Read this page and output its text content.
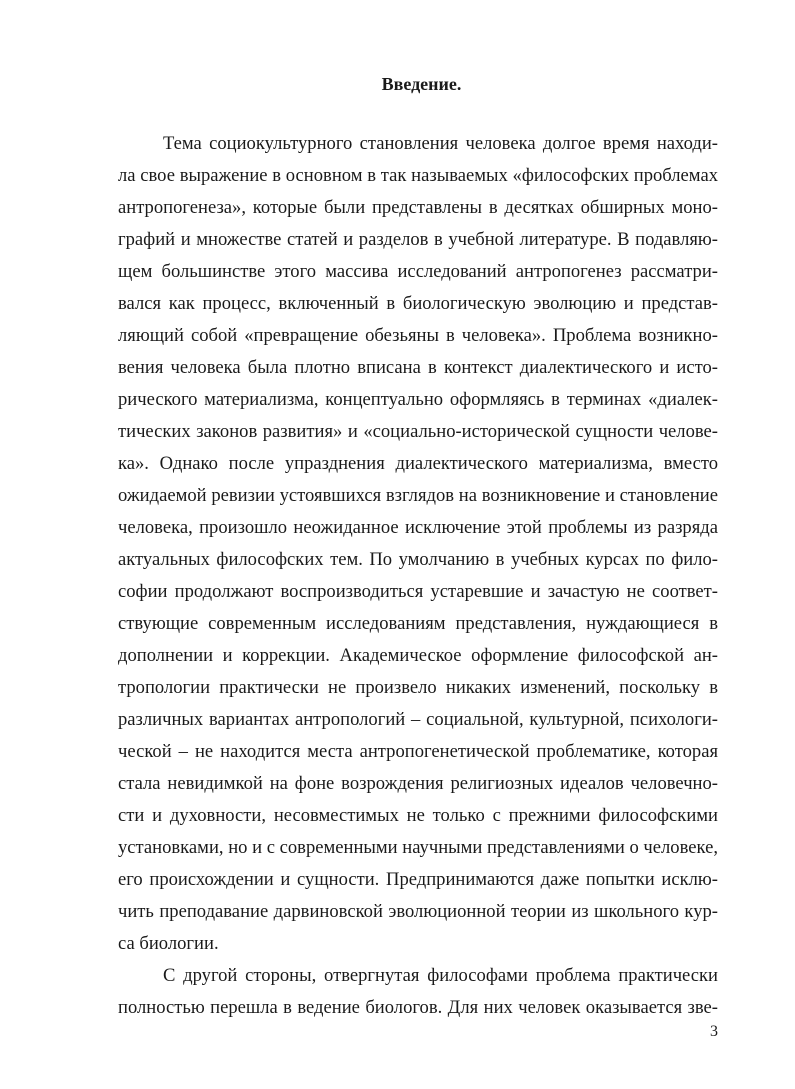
Введение.
Тема социокультурного становления человека долгое время находи-
ла свое выражение в основном в так называемых «философских проблемах
антропогенеза», которые были представлены в десятках обширных моно-
графий и множестве статей и разделов в учебной литературе. В подавляю-
щем большинстве этого массива исследований антропогенез рассматри-
вался как процесс, включенный в биологическую эволюцию и представ-
ляющий собой «превращение обезьяны в человека». Проблема возникно-
вения человека была плотно вписана в контекст диалектического и исто-
рического материализма, концептуально оформляясь в терминах «диалек-
тических законов развития» и «социально-исторической сущности челове-
ка». Однако после упразднения диалектического материализма, вместо
ожидаемой ревизии устоявшихся взглядов на возникновение и становление
человека, произошло неожиданное исключение этой проблемы из разряда
актуальных философских тем. По умолчанию в учебных курсах по фило-
софии продолжают воспроизводиться устаревшие и зачастую не соответ-
ствующие современным исследованиям представления, нуждающиеся в
дополнении и коррекции. Академическое оформление философской ан-
тропологии практически не произвело никаких изменений, поскольку в
различных вариантах антропологий – социальной, культурной, психологи-
ческой – не находится места антропогенетической проблематике, которая
стала невидимкой на фоне возрождения религиозных идеалов человечно-
сти и духовности, несовместимых не только с прежними философскими
установками, но и с современными научными представлениями о человеке,
его происхождении и сущности. Предпринимаются даже попытки исклю-
чить преподавание дарвиновской эволюционной теории из школьного кур-
са биологии.
С другой стороны, отвергнутая философами проблема практически
полностью перешла в ведение биологов. Для них человек оказывается зве-
3
